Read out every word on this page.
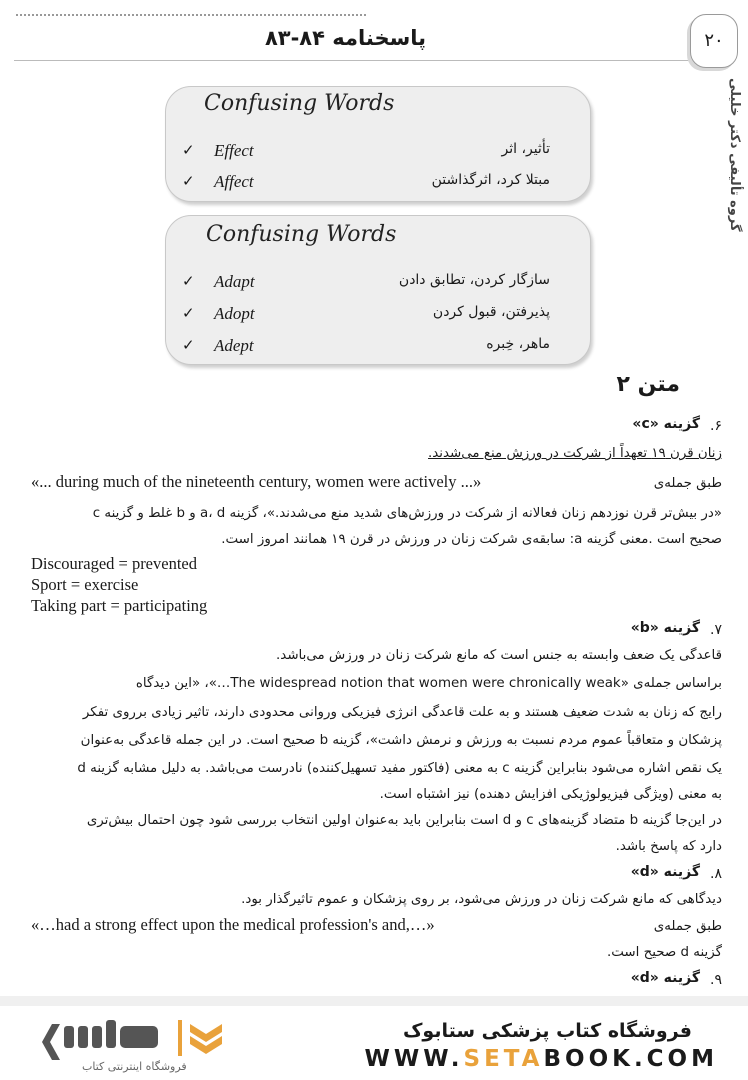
پاسخنامه ۸۴-۸۳	۲۰
گروه تألیفی دکتر خلیلی
Confusing Words
✓ Effect	تأثیر، اثر
✓ Affect	مبتلا کرد، اثرگذاشتن
Confusing Words
✓ Adapt	سازگار کردن، تطابق دادن
✓ Adopt	پذیرفتن، قبول کردن
✓ Adept	ماهر، خِبره
متن ۲
.۶
گزینه «c»
زنان قرن ۱۹ تعهداً از شرکت در ورزش منع می‌شدند.
طبق جمله‌ی
«... during much of the nineteenth century, women were actively ...»
«در بیش‌تر قرن نوزدهم زنان فعالانه از شرکت در ورزش‌های شدید منع می‌شدند.»، گزینه a، d و b غلط و گزینه c
صحیح است .معنی گزینه a: سابقه‌ی شرکت زنان در ورزش در قرن ۱۹ همانند امروز است.
Discouraged = prevented
Sport = exercise
Taking part = participating
.۷
گزینه «b»
قاعدگی یک ضعف وابسته به جنس است که مانع شرکت زنان در ورزش می‌باشد.
براساس جمله‌ی «The widespread notion that women were chronically weak…»، «این دیدگاه
رایج که زنان به شدت ضعیف هستند و به علت قاعدگی انرژی فیزیکی وروانی محدودی دارند، تاثیر زیادی برروی تفکر
پزشکان و متعاقباً عموم مردم نسبت به ورزش و نرمش داشت»، گزینه b صحیح است. در این جمله قاعدگی به‌عنوان
یک نقص اشاره می‌شود بنابراین گزینه c به معنی (فاکتور مفید تسهیل‌کننده) نادرست می‌باشد. به دلیل مشابه گزینه d
به معنی (ویژگی فیزیولوژیکی افزایش دهنده) نیز اشتباه است.
در این‌جا گزینه b متضاد گزینه‌های c و d است بنابراین باید به‌عنوان اولین انتخاب بررسی شود چون احتمال بیش‌تری
دارد که پاسخ باشد.
.۸
گزینه «d»
دیدگاهی که مانع شرکت زنان در ورزش می‌شود، بر روی پزشکان و عموم تاثیرگذار بود.
طبق جمله‌ی
«…had a strong effect upon the medical profession's and,…»
گزینه d صحیح است.
.۹
گزینه «d»
فروشگاه اینترنتی کتاب
فروشگاه کتاب پزشکی ستابوک
WWW.SETABOOK.COM
